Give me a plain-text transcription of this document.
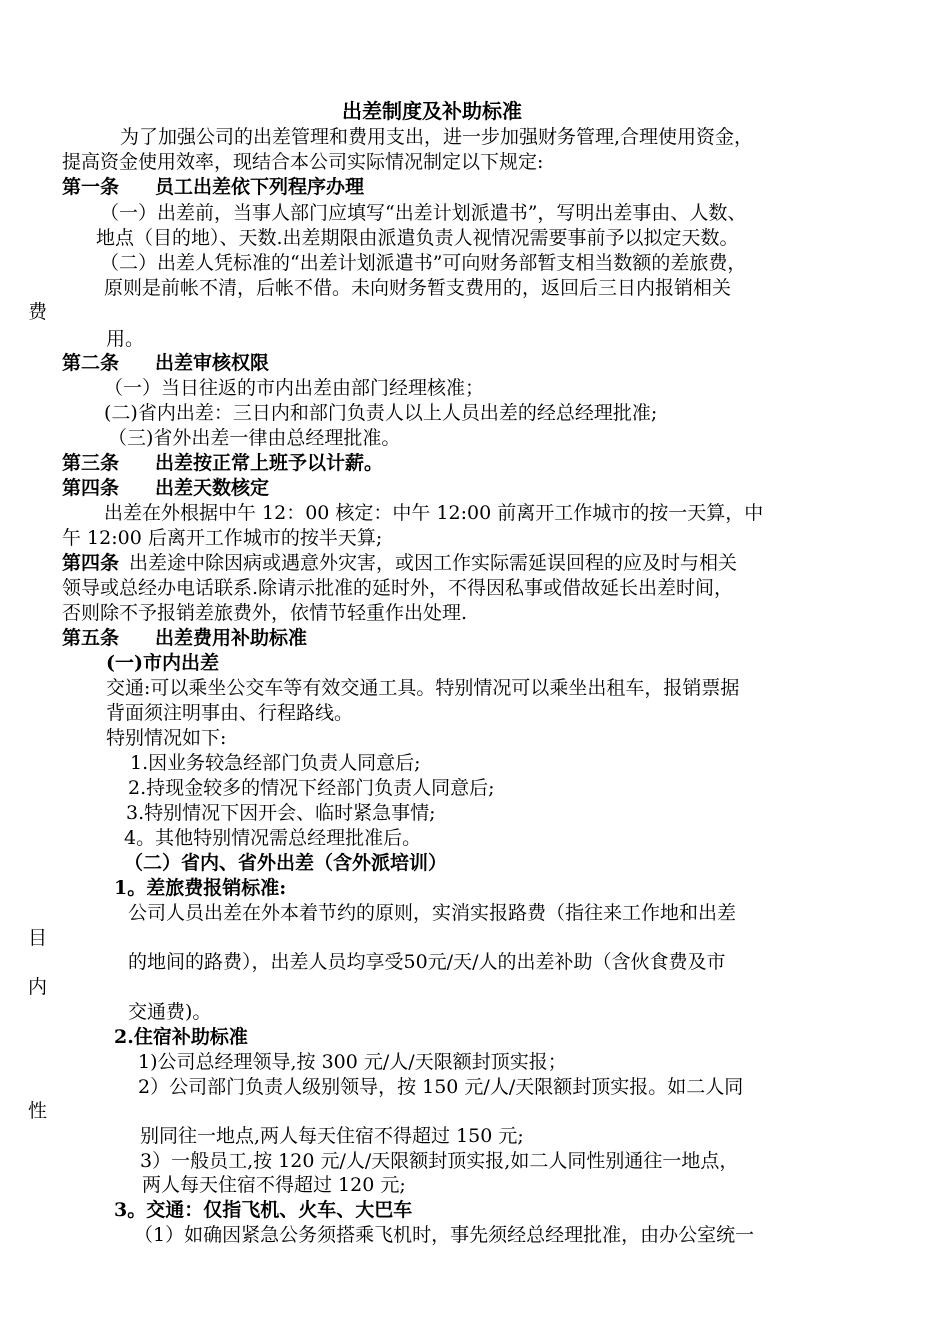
出差制度及补助标准
为了加强公司的出差管理和费用支出，进一步加强财务管理,合理使用资金，
提高资金使用效率，现结合本公司实际情况制定以下规定:
第一条 员工出差依下列程序办理
（一）出差前，当事人部门应填写“出差计划派遣书”，写明出差事由、人数、
地点（目的地）、天数.出差期限由派遣负责人视情况需要事前予以拟定天数。
（二）出差人凭标准的“出差计划派遣书”可向财务部暂支相当数额的差旅费，
原则是前帐不清，后帐不借。未向财务暂支费用的，返回后三日内报销相关
费
用。
第二条 出差审核权限
（一）当日往返的市内出差由部门经理核准；
(二)省内出差：三日内和部门负责人以上人员出差的经总经理批准;
（三)省外出差一律由总经理批准。
第三条 出差按正常上班予以计薪。
第四条 出差天数核定
出差在外根据中午 12：00 核定：中午 12:00 前离开工作城市的按一天算，中
午 12:00 后离开工作城市的按半天算;
第四条 出差途中除因病或遇意外灾害，或因工作实际需延误回程的应及时与相关
领导或总经办电话联系.除请示批准的延时外，不得因私事或借故延长出差时间，
否则除不予报销差旅费外，依情节轻重作出处理.
第五条 出差费用补助标准
(一)市内出差
交通:可以乘坐公交车等有效交通工具。特别情况可以乘坐出租车，报销票据
背面须注明事由、行程路线。
特别情况如下:
1.因业务较急经部门负责人同意后;
2.持现金较多的情况下经部门负责人同意后;
3.特别情况下因开会、临时紧急事情;
4。其他特别情况需总经理批准后。
（二）省内、省外出差（含外派培训）
1。差旅费报销标准:
公司人员出差在外本着节约的原则，实消实报路费（指往来工作地和出差
目
的地间的路费），出差人员均享受50元/天/人的出差补助（含伙食费及市
内
交通费)。
2.住宿补助标准
1)公司总经理领导,按 300 元/人/天限额封顶实报；
2）公司部门负责人级别领导，按 150 元/人/天限额封顶实报。如二人同
性
别同往一地点,两人每天住宿不得超过 150 元;
3）一般员工,按 120 元/人/天限额封顶实报,如二人同性别通往一地点，
两人每天住宿不得超过 120 元;
3。交通：仅指飞机、火车、大巴车
（1）如确因紧急公务须搭乘飞机时，事先须经总经理批准，由办公室统一
